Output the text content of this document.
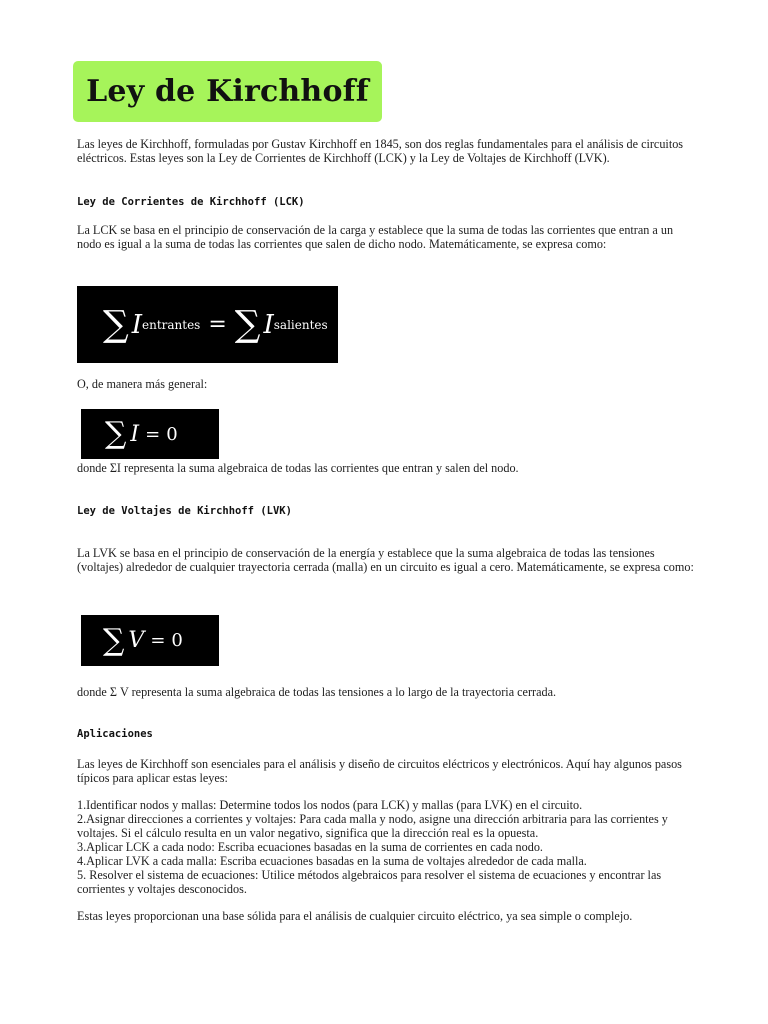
Ley de Kirchhoff

Las leyes de Kirchhoff, formuladas por Gustav Kirchhoff en 1845, son dos reglas fundamentales para el análisis de circuitos eléctricos. Estas leyes son la Ley de Corrientes de Kirchhoff (LCK) y la Ley de Voltajes de Kirchhoff (LVK).

Ley de Corrientes de Kirchhoff (LCK)

La LCK se basa en el principio de conservación de la carga y establece que la suma de todas las corrientes que entran a un nodo es igual a la suma de todas las corrientes que salen de dicho nodo. Matemáticamente, se expresa como:

∑ I entrantes = ∑ I salientes

O, de manera más general:

∑ I = 0

donde ΣI representa la suma algebraica de todas las corrientes que entran y salen del nodo.

Ley de Voltajes de Kirchhoff (LVK)

La LVK se basa en el principio de conservación de la energía y establece que la suma algebraica de todas las tensiones (voltajes) alrededor de cualquier trayectoria cerrada (malla) en un circuito es igual a cero. Matemáticamente, se expresa como:

∑ V = 0

donde Σ V representa la suma algebraica de todas las tensiones a lo largo de la trayectoria cerrada.

Aplicaciones

Las leyes de Kirchhoff son esenciales para el análisis y diseño de circuitos eléctricos y electrónicos. Aquí hay algunos pasos típicos para aplicar estas leyes:

1.Identificar nodos y mallas: Determine todos los nodos (para LCK) y mallas (para LVK) en el circuito.
2.Asignar direcciones a corrientes y voltajes: Para cada malla y nodo, asigne una dirección arbitraria para las corrientes y voltajes. Si el cálculo resulta en un valor negativo, significa que la dirección real es la opuesta.
3.Aplicar LCK a cada nodo: Escriba ecuaciones basadas en la suma de corrientes en cada nodo.
4.Aplicar LVK a cada malla: Escriba ecuaciones basadas en la suma de voltajes alrededor de cada malla.
5. Resolver el sistema de ecuaciones: Utilice métodos algebraicos para resolver el sistema de ecuaciones y encontrar las corrientes y voltajes desconocidos.

Estas leyes proporcionan una base sólida para el análisis de cualquier circuito eléctrico, ya sea simple o complejo.
